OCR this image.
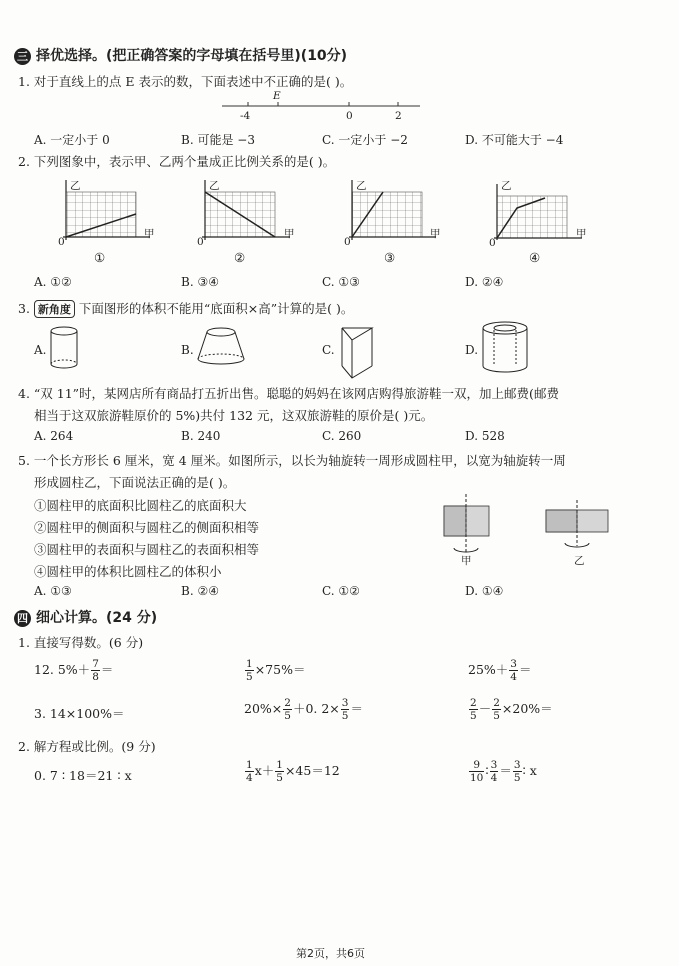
三 择优选择。(把正确答案的字母填在括号里)(10分)
1. 对于直线上的点 E 表示的数，下面表述中不正确的是( )。
E
-4	0	2
A. 一定小于 0	B. 可能是 −3	C. 一定小于 −2	D. 不可能大于 −4
2. 下列图象中，表示甲、乙两个量成正比例关系的是( )。
乙	乙	乙	乙
甲	甲	甲	甲
0	0	0	0
①	②	③	④
A. ①②	B. ③④	C. ①③	D. ②④
3. 新角度 下面图形的体积不能用“底面积×高”计算的是( )。
A.	B.	C.	D.
4. “双 11”时，某网店所有商品打五折出售。聪聪的妈妈在该网店购得旅游鞋一双，加上邮费(邮费
相当于这双旅游鞋原价的 5%)共付 132 元，这双旅游鞋的原价是( )元。
A. 264	B. 240	C. 260	D. 528
5. 一个长方形长 6 厘米，宽 4 厘米。如图所示，以长为轴旋转一周形成圆柱甲，以宽为轴旋转一周
形成圆柱乙，下面说法正确的是( )。
①圆柱甲的底面积比圆柱乙的底面积大
②圆柱甲的侧面积与圆柱乙的侧面积相等
③圆柱甲的表面积与圆柱乙的表面积相等
④圆柱甲的体积比圆柱乙的体积小
甲	乙
A. ①③	B. ②④	C. ①②	D. ①④
四 细心计算。(24 分)
1. 直接写得数。(6 分)
12. $5\%+ \frac{7}{8}$ ＝	$\frac{1}{5} \times 75\%=$	$25\%+ \frac{3}{4}$ ＝
3. 14×100%＝	$20\%\times \frac{2}{5} +0$. $2\times \frac{3}{5}$ ＝	$\frac{2}{5} - \frac{2}{5} \times 20\%=$
2. 解方程或比例。(9 分)
0. 7 ∶ 18＝21 ∶ x	$\frac{1}{4} x+ \frac{1}{5} \times 45=12$	$\frac{9}{10}$ ∶ $\frac{3}{4} = \frac{3}{5}$ ∶ x
第2页，共6页
